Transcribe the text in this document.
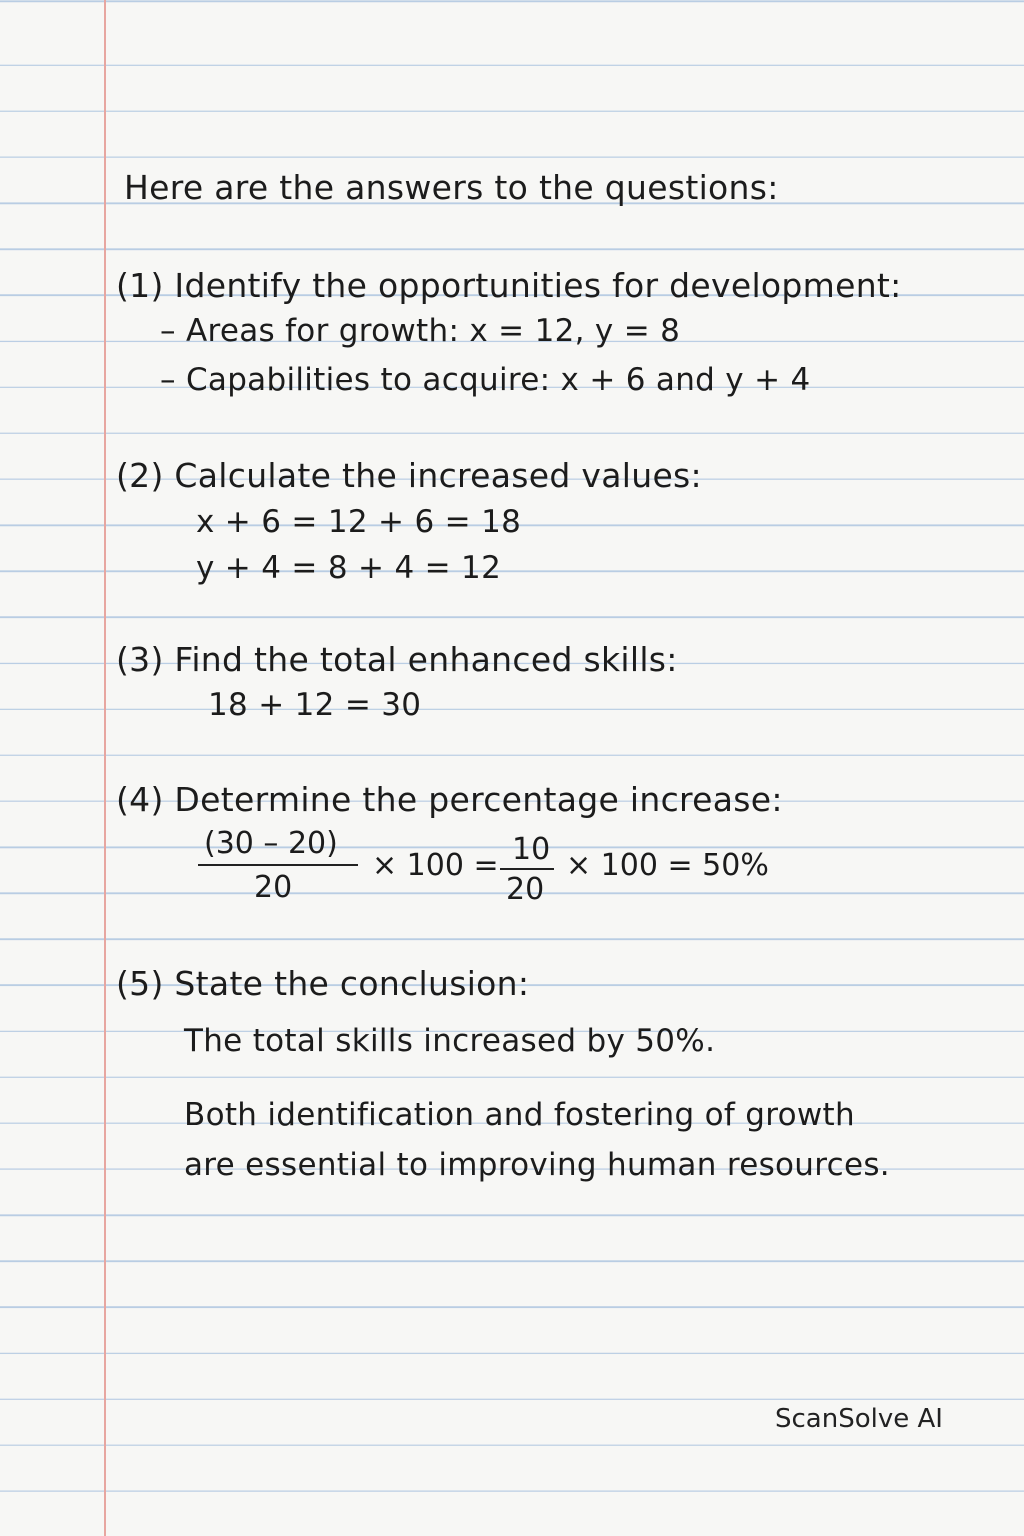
Here are the answers to the questions:
(1) Identify the opportunities for development:
– Areas for growth: x = 12, y = 8
– Capabilities to acquire: x + 6 and y + 4
(2) Calculate the increased values:
x + 6 = 12 + 6 = 18
y + 4 = 8 + 4 = 12
(3) Find the total enhanced skills:
18 + 12 = 30
(4) Determine the percentage increase:
(30 – 20)
20
× 100 = 10
20
× 100 = 50%
(5) State the conclusion:
The total skills increased by 50%.
Both identification and fostering of growth
are essential to improving human resources.
ScanSolve AI
